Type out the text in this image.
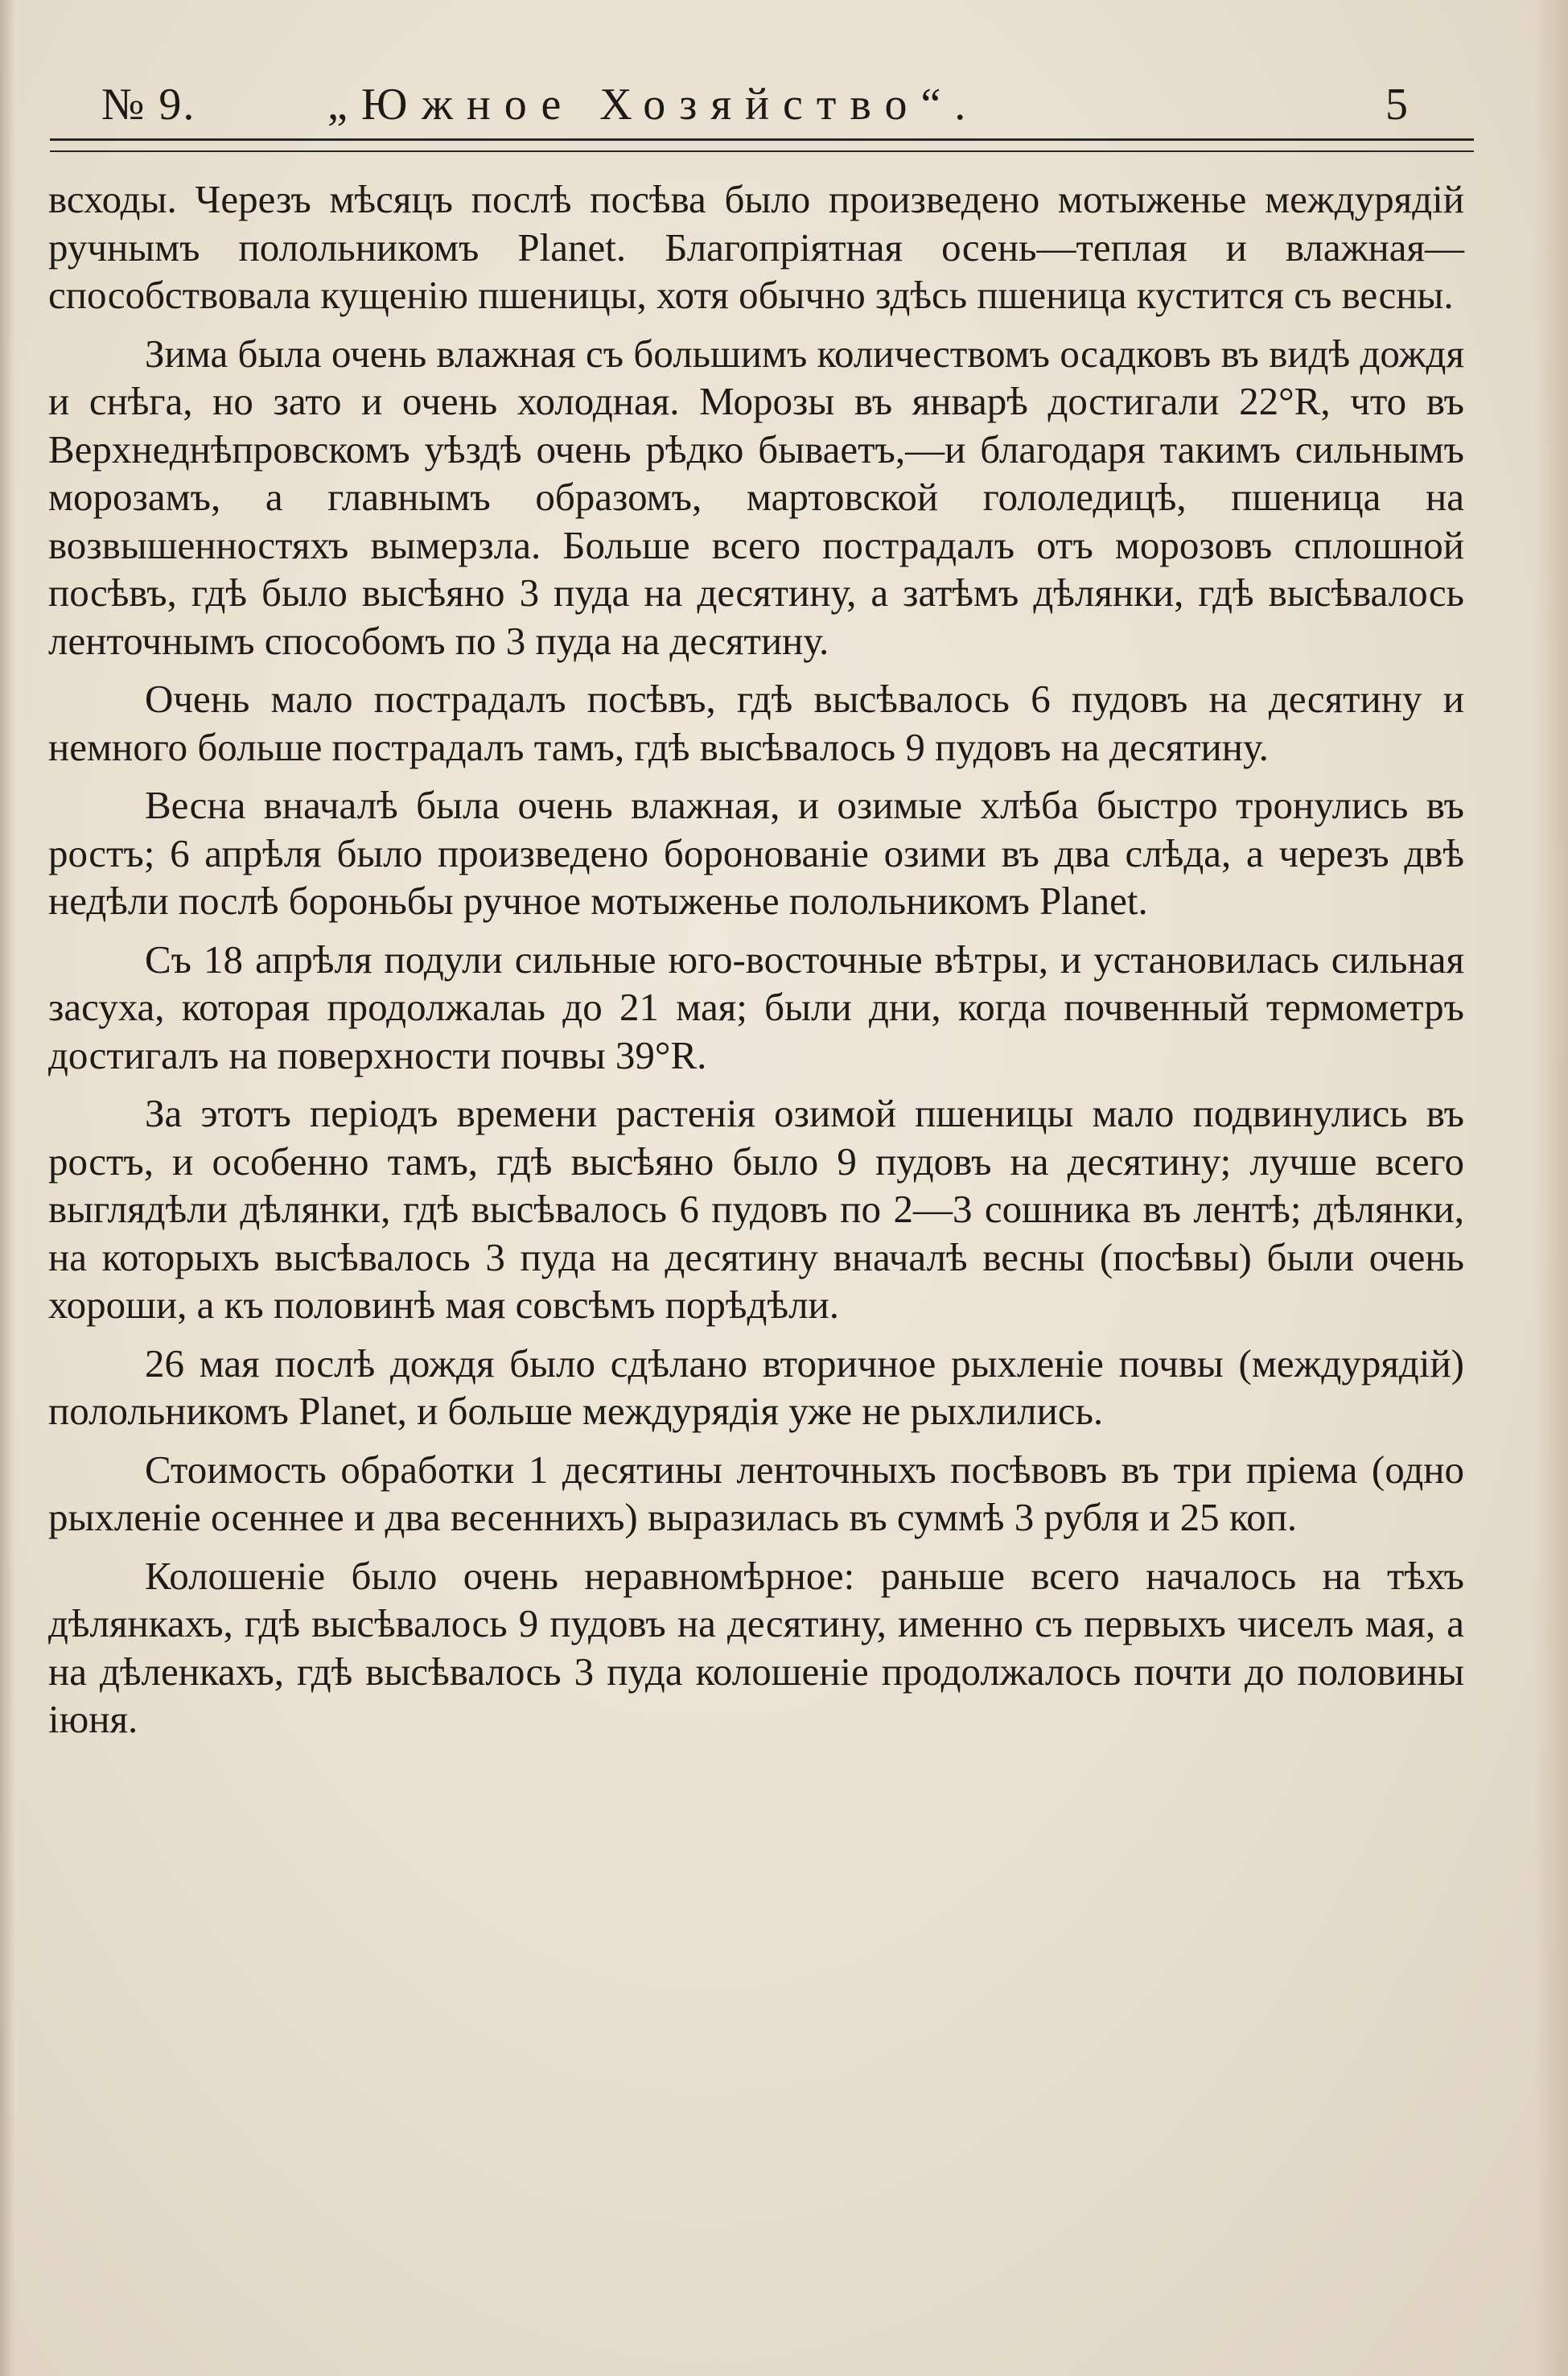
№ 9.	„Южное Хозяйство“.	5

всходы. Черезъ мѣсяцъ послѣ посѣва было произведено мотыженье междурядій ручнымъ полольникомъ Planet. Благопріятная осень—теплая и влажная—способствовала кущенію пшеницы, хотя обычно здѣсь пшеница кустится съ весны.

Зима была очень влажная съ большимъ количествомъ осадковъ въ видѣ дождя и снѣга, но зато и очень холодная. Морозы въ январѣ достигали 22°R, что въ Верхнеднѣпровскомъ уѣздѣ очень рѣдко бываетъ,—и благодаря такимъ сильнымъ морозамъ, а главнымъ образомъ, мартовской гололедицѣ, пшеница на возвышенностяхъ вымерзла. Больше всего пострадалъ отъ морозовъ сплошной посѣвъ, гдѣ было высѣяно 3 пуда на десятину, а затѣмъ дѣлянки, гдѣ высѣвалось ленточнымъ способомъ по 3 пуда на десятину.

Очень мало пострадалъ посѣвъ, гдѣ высѣвалось 6 пудовъ на десятину и немного больше пострадалъ тамъ, гдѣ высѣвалось 9 пудовъ на десятину.

Весна вначалѣ была очень влажная, и озимые хлѣба быстро тронулись въ ростъ; 6 апрѣля было произведено боронованіе озими въ два слѣда, а черезъ двѣ недѣли послѣ бороньбы ручное мотыженье полольникомъ Planet.

Съ 18 апрѣля подули сильные юго-восточные вѣтры, и установилась сильная засуха, которая продолжалаь до 21 мая; были дни, когда почвенный термометръ достигалъ на поверхности почвы 39°R.

За этотъ періодъ времени растенія озимой пшеницы мало подвинулись въ ростъ, и особенно тамъ, гдѣ высѣяно было 9 пудовъ на десятину; лучше всего выглядѣли дѣлянки, гдѣ высѣвалось 6 пудовъ по 2—3 сошника въ лентѣ; дѣлянки, на которыхъ высѣвалось 3 пуда на десятину вначалѣ весны (посѣвы) были очень хороши, а къ половинѣ мая совсѣмъ порѣдѣли.

26 мая послѣ дождя было сдѣлано вторичное рыхленіе почвы (междурядій) полольникомъ Planet, и больше междурядія уже не рыхлились.

Стоимость обработки 1 десятины ленточныхъ посѣвовъ въ три пріема (одно рыхленіе осеннее и два весеннихъ) выразилась въ суммѣ 3 рубля и 25 коп.

Колошеніе было очень неравномѣрное: раньше всего началось на тѣхъ дѣлянкахъ, гдѣ высѣвалось 9 пудовъ на десятину, именно съ первыхъ чиселъ мая, а на дѣленкахъ, гдѣ высѣвалось 3 пуда колошеніе продолжалось почти до половины іюня.
